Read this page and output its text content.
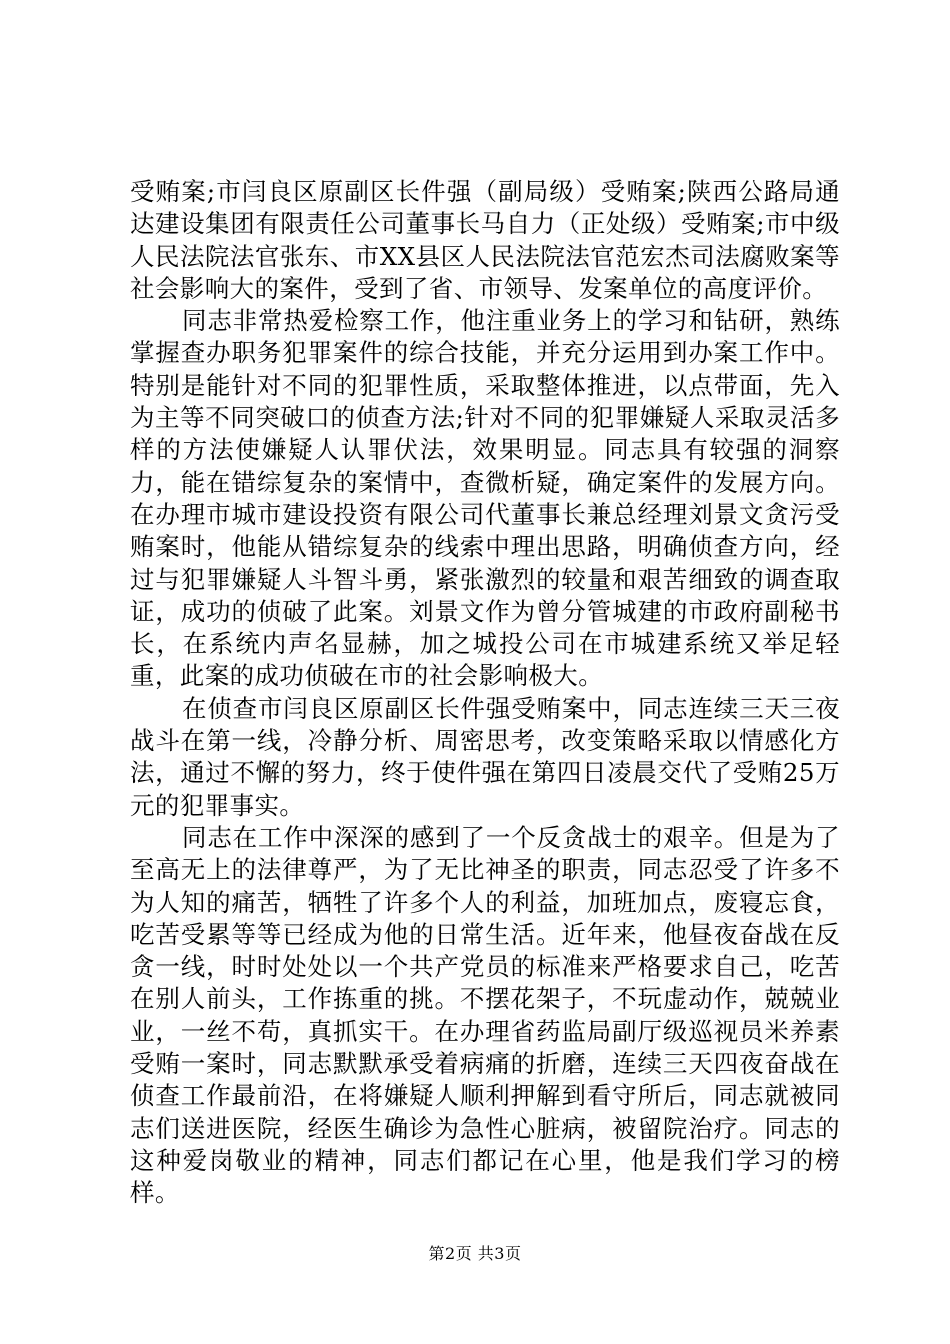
受贿案;市闫良区原副区长件强（副局级）受贿案;陕西公路局通达建设集团有限责任公司董事长马自力（正处级）受贿案;市中级人民法院法官张东、市XX县区人民法院法官范宏杰司法腐败案等社会影响大的案件，受到了省、市领导、发案单位的高度评价。

同志非常热爱检察工作，他注重业务上的学习和钻研，熟练掌握查办职务犯罪案件的综合技能，并充分运用到办案工作中。特别是能针对不同的犯罪性质，采取整体推进，以点带面，先入为主等不同突破口的侦查方法;针对不同的犯罪嫌疑人采取灵活多样的方法使嫌疑人认罪伏法，效果明显。同志具有较强的洞察力，能在错综复杂的案情中，查微析疑，确定案件的发展方向。在办理市城市建设投资有限公司代董事长兼总经理刘景文贪污受贿案时，他能从错综复杂的线索中理出思路，明确侦查方向，经过与犯罪嫌疑人斗智斗勇，紧张激烈的较量和艰苦细致的调查取证，成功的侦破了此案。刘景文作为曾分管城建的市政府副秘书长，在系统内声名显赫，加之城投公司在市城建系统又举足轻重，此案的成功侦破在市的社会影响极大。

在侦查市闫良区原副区长件强受贿案中，同志连续三天三夜战斗在第一线，冷静分析、周密思考，改变策略采取以情感化方法，通过不懈的努力，终于使件强在第四日凌晨交代了受贿25万元的犯罪事实。

同志在工作中深深的感到了一个反贪战士的艰辛。但是为了至高无上的法律尊严，为了无比神圣的职责，同志忍受了许多不为人知的痛苦，牺牲了许多个人的利益，加班加点，废寝忘食，吃苦受累等等已经成为他的日常生活。近年来，他昼夜奋战在反贪一线，时时处处以一个共产党员的标准来严格要求自己，吃苦在别人前头，工作拣重的挑。不摆花架子，不玩虚动作，兢兢业业，一丝不苟，真抓实干。在办理省药监局副厅级巡视员米养素受贿一案时，同志默默承受着病痛的折磨，连续三天四夜奋战在侦查工作最前沿，在将嫌疑人顺利押解到看守所后，同志就被同志们送进医院，经医生确诊为急性心脏病，被留院治疗。同志的这种爱岗敬业的精神，同志们都记在心里，他是我们学习的榜样。

第2页 共3页
